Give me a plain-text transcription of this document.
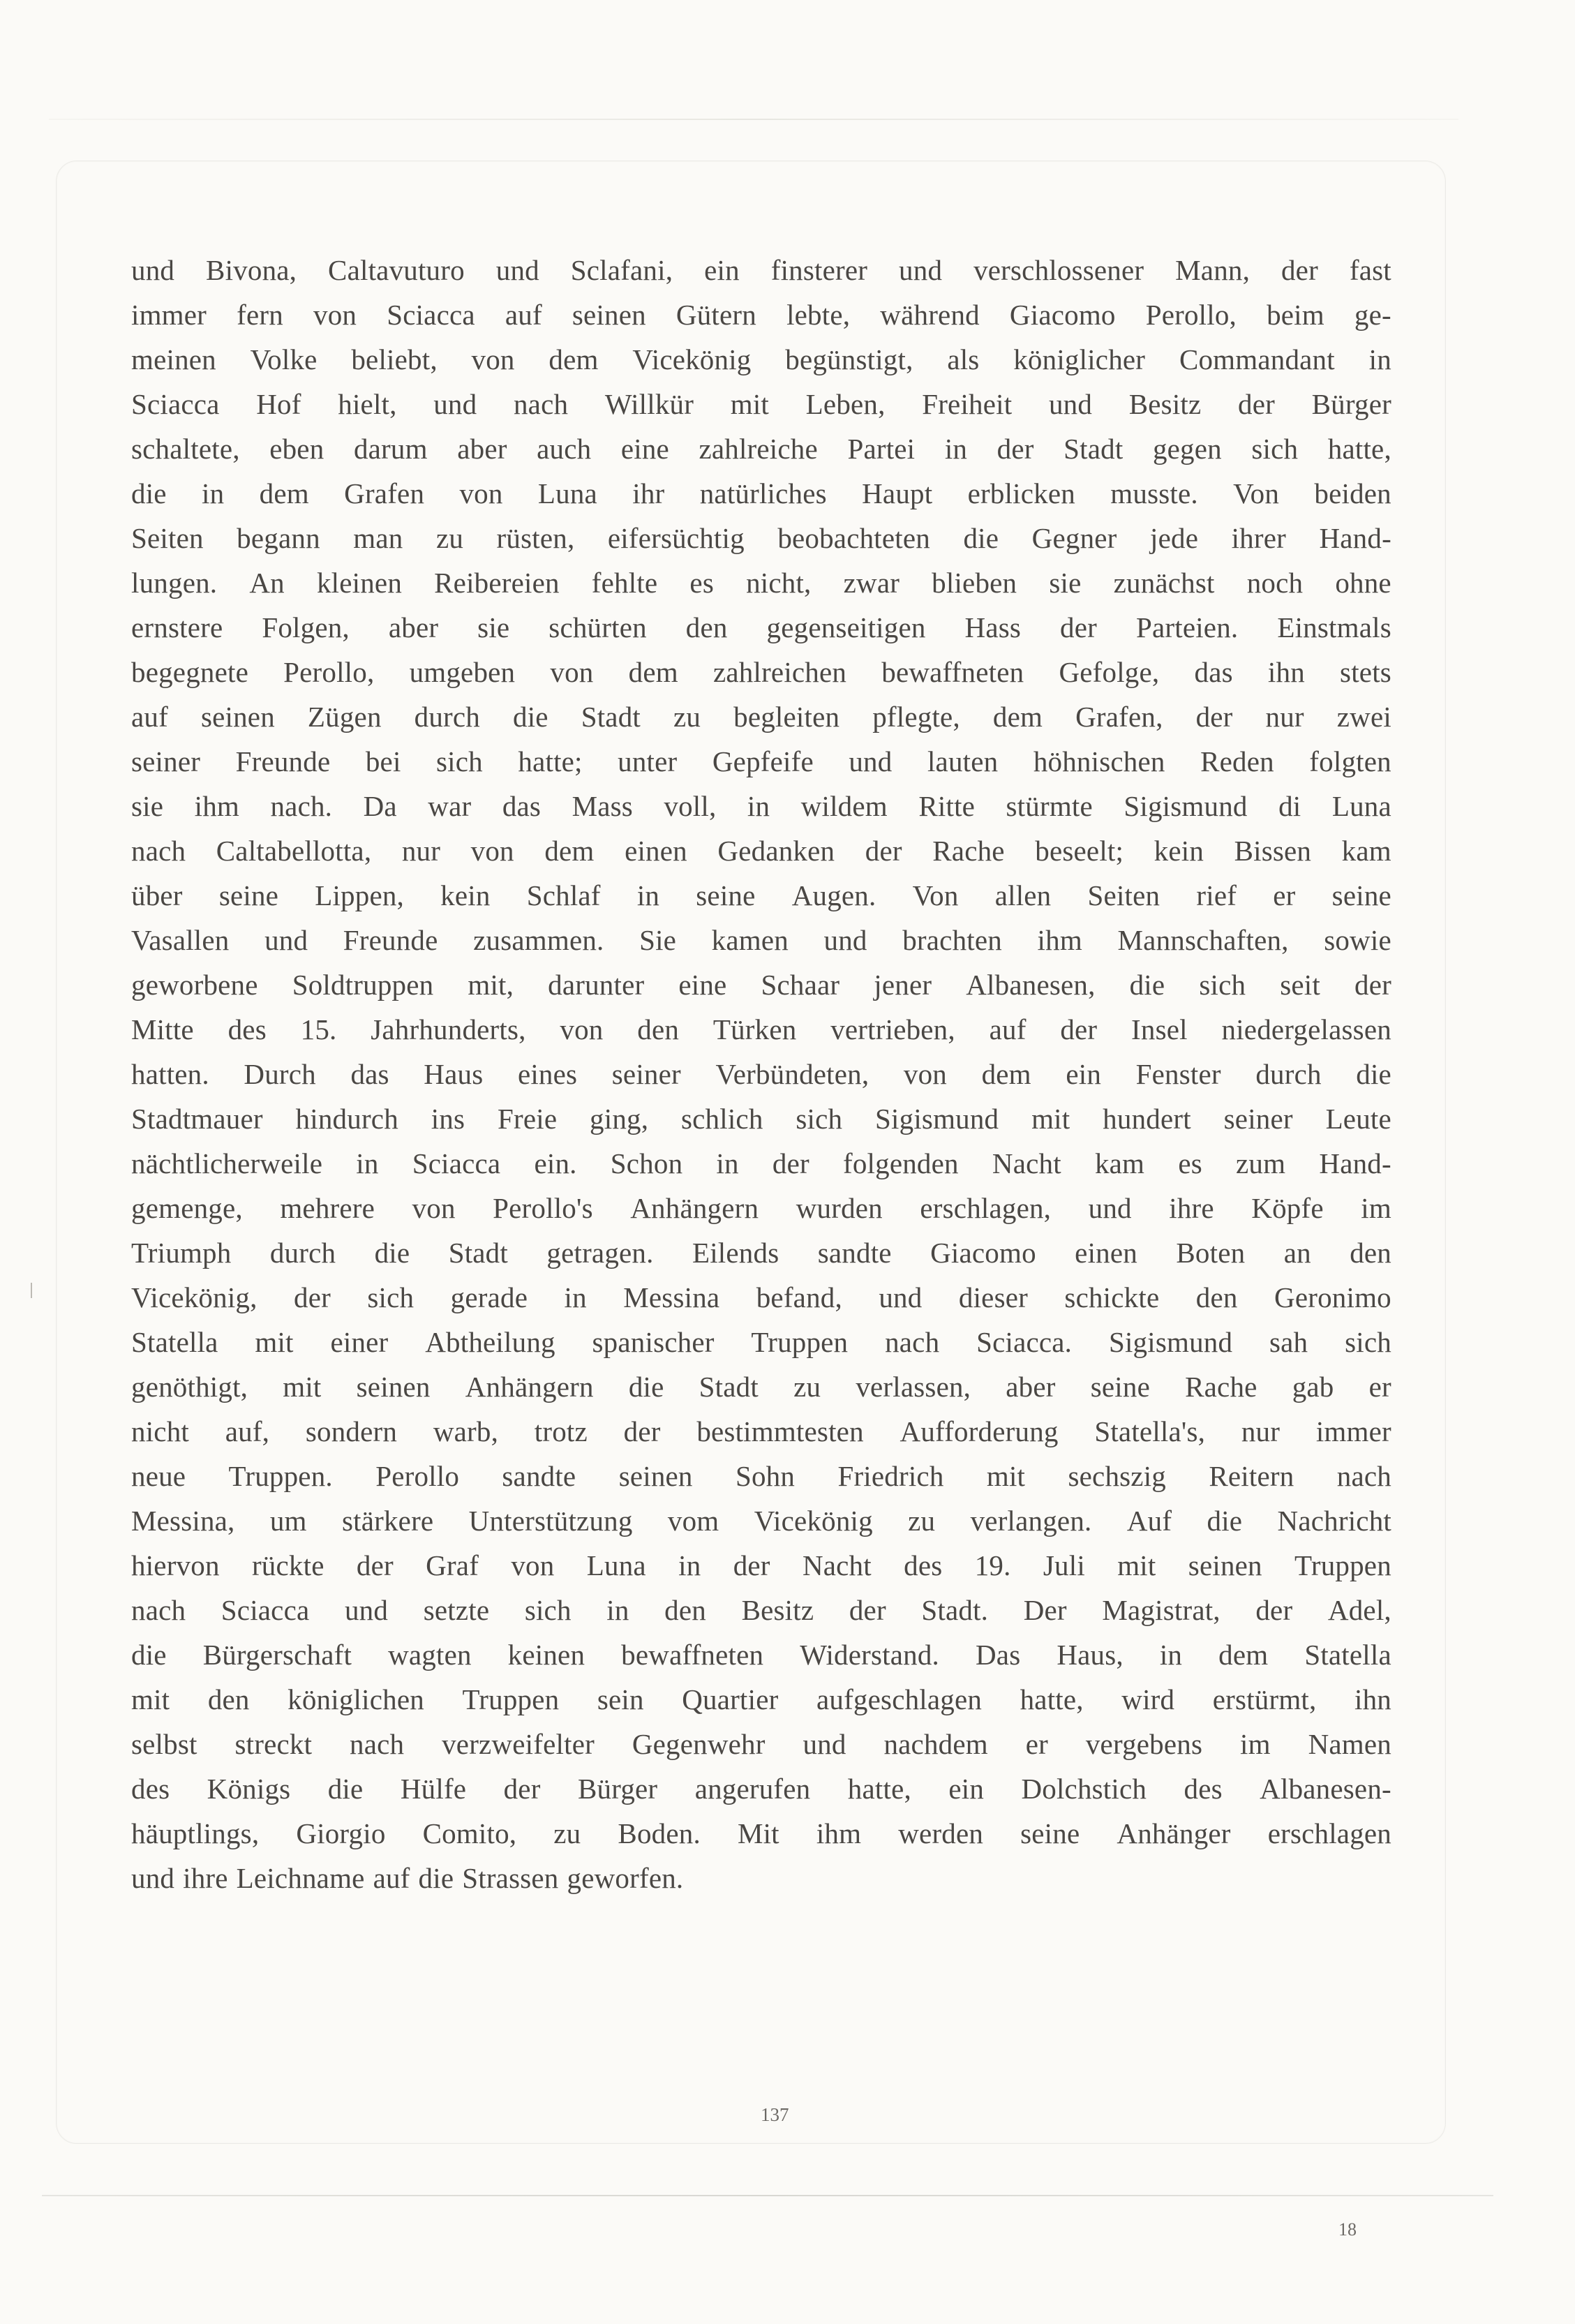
und Bivona, Caltavuturo und Sclafani, ein finsterer und verschlossener Mann, der fast
immer fern von Sciacca auf seinen Gütern lebte, während Giacomo Perollo, beim ge-
meinen Volke beliebt, von dem Vicekönig begünstigt, als königlicher Commandant in
Sciacca Hof hielt, und nach Willkür mit Leben, Freiheit und Besitz der Bürger
schaltete, eben darum aber auch eine zahlreiche Partei in der Stadt gegen sich hatte,
die in dem Grafen von Luna ihr natürliches Haupt erblicken musste. Von beiden
Seiten begann man zu rüsten, eifersüchtig beobachteten die Gegner jede ihrer Hand-
lungen. An kleinen Reibereien fehlte es nicht, zwar blieben sie zunächst noch ohne
ernstere Folgen, aber sie schürten den gegenseitigen Hass der Parteien. Einstmals
begegnete Perollo, umgeben von dem zahlreichen bewaffneten Gefolge, das ihn stets
auf seinen Zügen durch die Stadt zu begleiten pflegte, dem Grafen, der nur zwei
seiner Freunde bei sich hatte; unter Gepfeife und lauten höhnischen Reden folgten
sie ihm nach. Da war das Mass voll, in wildem Ritte stürmte Sigismund di Luna
nach Caltabellotta, nur von dem einen Gedanken der Rache beseelt; kein Bissen kam
über seine Lippen, kein Schlaf in seine Augen. Von allen Seiten rief er seine
Vasallen und Freunde zusammen. Sie kamen und brachten ihm Mannschaften, sowie
geworbene Soldtruppen mit, darunter eine Schaar jener Albanesen, die sich seit der
Mitte des 15. Jahrhunderts, von den Türken vertrieben, auf der Insel niedergelassen
hatten. Durch das Haus eines seiner Verbündeten, von dem ein Fenster durch die
Stadtmauer hindurch ins Freie ging, schlich sich Sigismund mit hundert seiner Leute
nächtlicherweile in Sciacca ein. Schon in der folgenden Nacht kam es zum Hand-
gemenge, mehrere von Perollo's Anhängern wurden erschlagen, und ihre Köpfe im
Triumph durch die Stadt getragen. Eilends sandte Giacomo einen Boten an den
Vicekönig, der sich gerade in Messina befand, und dieser schickte den Geronimo
Statella mit einer Abtheilung spanischer Truppen nach Sciacca. Sigismund sah sich
genöthigt, mit seinen Anhängern die Stadt zu verlassen, aber seine Rache gab er
nicht auf, sondern warb, trotz der bestimmtesten Aufforderung Statella's, nur immer
neue Truppen. Perollo sandte seinen Sohn Friedrich mit sechszig Reitern nach
Messina, um stärkere Unterstützung vom Vicekönig zu verlangen. Auf die Nachricht
hiervon rückte der Graf von Luna in der Nacht des 19. Juli mit seinen Truppen
nach Sciacca und setzte sich in den Besitz der Stadt. Der Magistrat, der Adel,
die Bürgerschaft wagten keinen bewaffneten Widerstand. Das Haus, in dem Statella
mit den königlichen Truppen sein Quartier aufgeschlagen hatte, wird erstürmt, ihn
selbst streckt nach verzweifelter Gegenwehr und nachdem er vergebens im Namen
des Königs die Hülfe der Bürger angerufen hatte, ein Dolchstich des Albanesen-
häuptlings, Giorgio Comito, zu Boden. Mit ihm werden seine Anhänger erschlagen
und ihre Leichname auf die Strassen geworfen.
137
18
